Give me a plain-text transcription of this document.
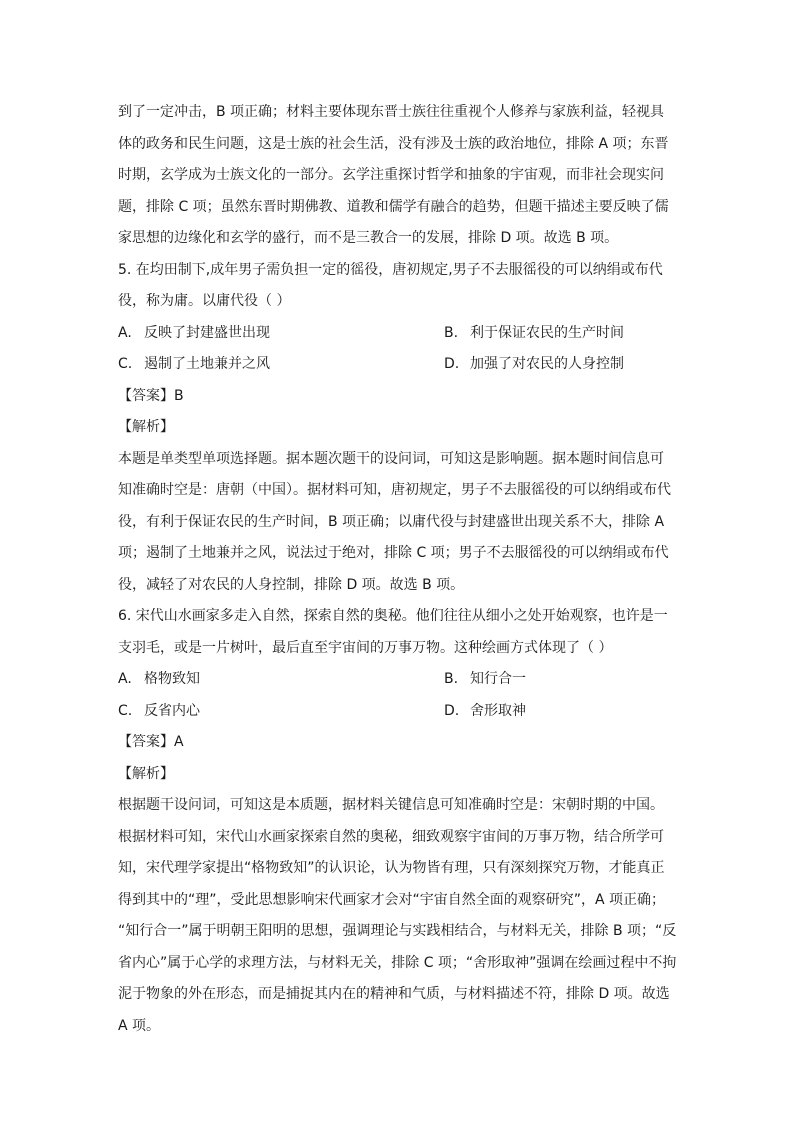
到了一定冲击，B 项正确；材料主要体现东晋士族往往重视个人修养与家族利益，轻视具
体的政务和民生问题，这是士族的社会生活，没有涉及士族的政治地位，排除 A 项；东晋
时期，玄学成为士族文化的一部分。玄学注重探讨哲学和抽象的宇宙观，而非社会现实问
题，排除 C 项；虽然东晋时期佛教、道教和儒学有融合的趋势，但题干描述主要反映了儒
家思想的边缘化和玄学的盛行，而不是三教合一的发展，排除 D 项。故选 B 项。
5. 在均田制下,成年男子需负担一定的徭役，唐初规定,男子不去服徭役的可以纳绢或布代
役，称为庸。以庸代役（ ）
A. 反映了封建盛世出现	B. 利于保证农民的生产时间
C. 遏制了土地兼并之风	D. 加强了对农民的人身控制
【答案】B
【解析】
本题是单类型单项选择题。据本题次题干的设问词，可知这是影响题。据本题时间信息可
知准确时空是：唐朝（中国）。据材料可知，唐初规定，男子不去服徭役的可以纳绢或布代
役，有利于保证农民的生产时间，B 项正确；以庸代役与封建盛世出现关系不大，排除 A
项；遏制了土地兼并之风，说法过于绝对，排除 C 项；男子不去服徭役的可以纳绢或布代
役，减轻了对农民的人身控制，排除 D 项。故选 B 项。
6. 宋代山水画家多走入自然，探索自然的奥秘。他们往往从细小之处开始观察，也许是一
支羽毛，或是一片树叶，最后直至宇宙间的万事万物。这种绘画方式体现了（ ）
A. 格物致知	B. 知行合一
C. 反省内心	D. 舍形取神
【答案】A
【解析】
根据题干设问词，可知这是本质题，据材料关键信息可知准确时空是：宋朝时期的中国。
根据材料可知，宋代山水画家探索自然的奥秘，细致观察宇宙间的万事万物，结合所学可
知，宋代理学家提出“格物致知”的认识论，认为物皆有理，只有深刻探究万物，才能真正
得到其中的“理”，受此思想影响宋代画家才会对“宇宙自然全面的观察研究”，A 项正确；
“知行合一”属于明朝王阳明的思想，强调理论与实践相结合，与材料无关，排除 B 项；“反
省内心”属于心学的求理方法，与材料无关，排除 C 项；“舍形取神”强调在绘画过程中不拘
泥于物象的外在形态，而是捕捉其内在的精神和气质，与材料描述不符，排除 D 项。故选
A 项。
